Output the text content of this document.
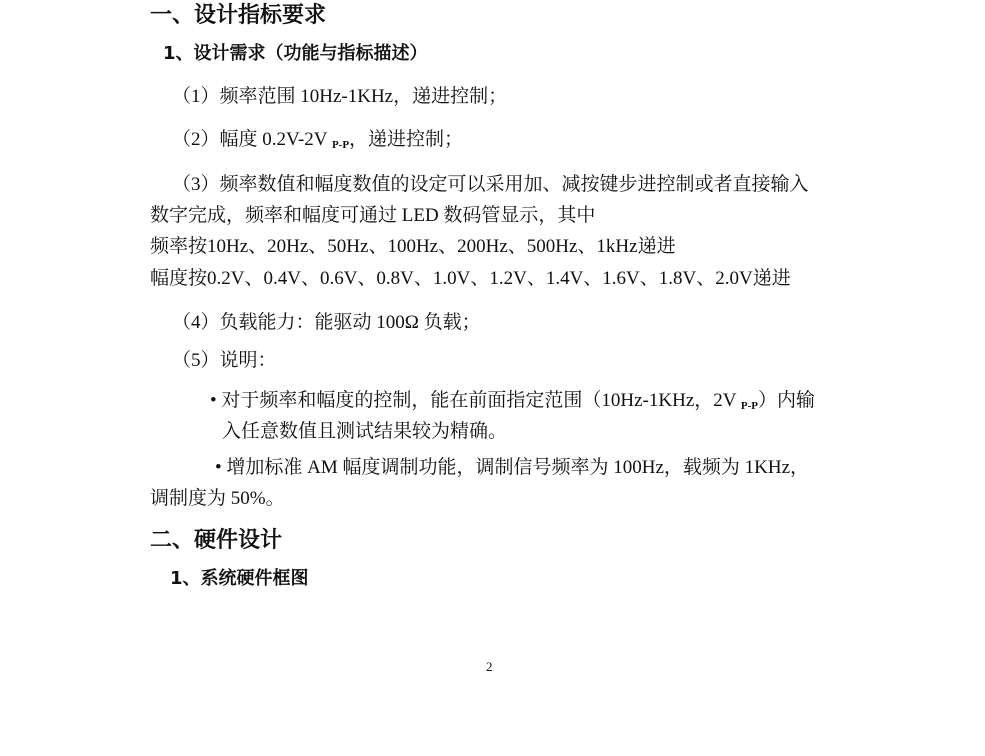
一、设计指标要求
1、设计需求（功能与指标描述）
（1）频率范围 10Hz-1KHz，递进控制；
（2）幅度 0.2V-2V $_{P-P}$，递进控制；
（3）频率数值和幅度数值的设定可以采用加、减按键步进控制或者直接输入
数字完成，频率和幅度可通过 LED 数码管显示，其中
频率按10Hz、20Hz、50Hz、100Hz、200Hz、500Hz、1kHz递进
幅度按0.2V、0.4V、0.6V、0.8V、1.0V、1.2V、1.4V、1.6V、1.8V、2.0V递进
（4）负载能力：能驱动 100Ω 负载；
（5）说明：
• 对于频率和幅度的控制，能在前面指定范围（10Hz-1KHz，2V $_{P-P}$）内输
入任意数值且测试结果较为精确。
• 增加标准 AM 幅度调制功能，调制信号频率为 100Hz，载频为 1KHz，
调制度为 50%。
二、硬件设计
1、系统硬件框图
2
